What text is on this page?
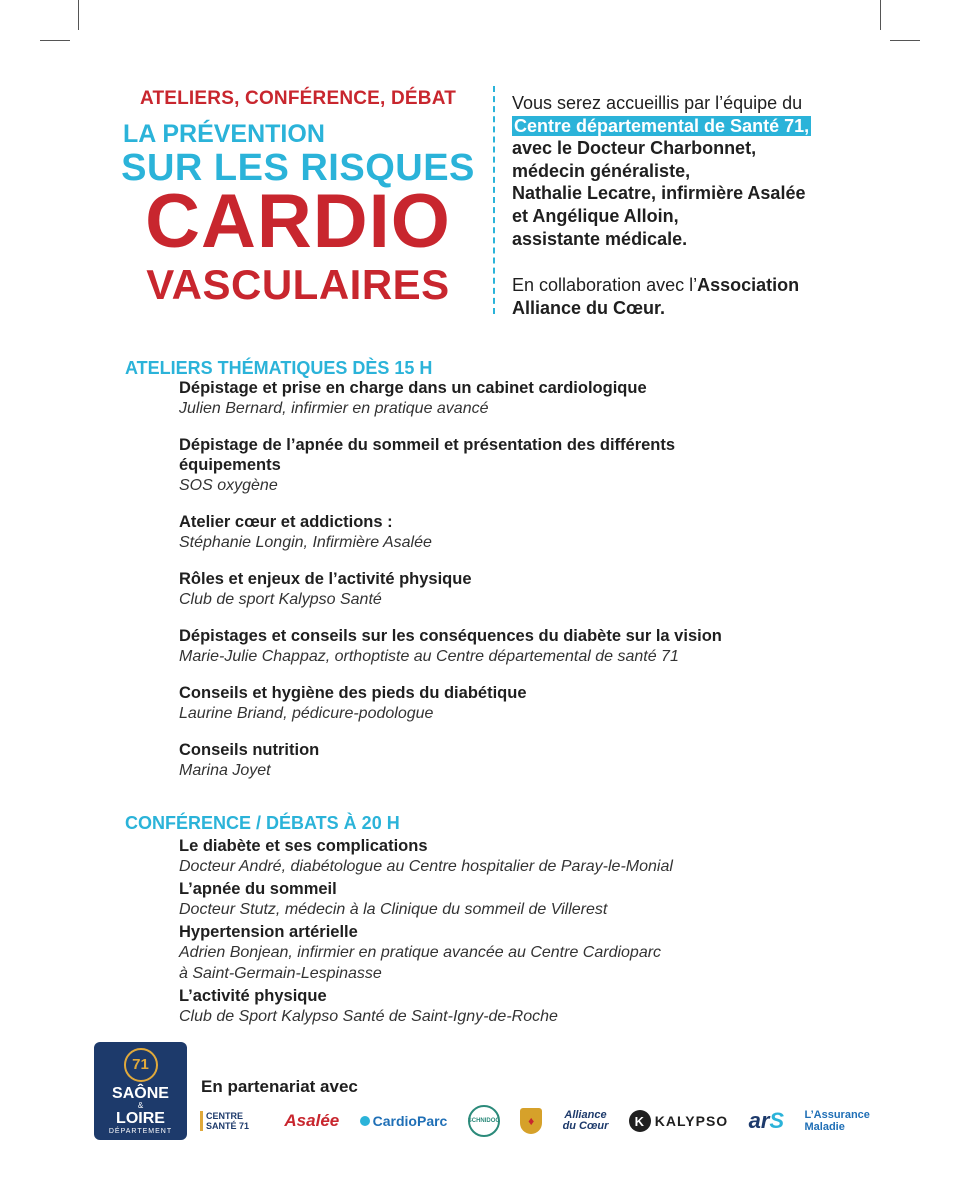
ATELIERS, CONFÉRENCE, DÉBAT

LA PRÉVENTION

SUR LES RISQUES

CARDIO

VASCULAIRES

Vous serez accueillis par l’équipe du
Centre départemental de Santé 71,
avec le Docteur Charbonnet,
médecin généraliste,
Nathalie Lecatre, infirmière Asalée
et Angélique Alloin,
assistante médicale.
En collaboration avec l’Association
Alliance du Cœur.

ATELIERS THÉMATIQUES DÈS 15 H

Dépistage et prise en charge dans un cabinet cardiologique
Julien Bernard, infirmier en pratique avancé
Dépistage de l’apnée du sommeil et présentation des différents
équipements
SOS oxygène
Atelier cœur et addictions :
Stéphanie Longin, Infirmière Asalée
Rôles et enjeux de l’activité physique
Club de sport Kalypso Santé
Dépistages et conseils sur les conséquences du diabète sur la vision
Marie-Julie Chappaz, orthoptiste au Centre départemental de santé 71
Conseils et hygiène des pieds du diabétique
Laurine Briand, pédicure-podologue
Conseils nutrition
Marina Joyet

CONFÉRENCE / DÉBATS À 20 H

Le diabète et ses complications
Docteur André, diabétologue au Centre hospitalier de Paray-le-Monial
L’apnée du sommeil
Docteur Stutz, médecin à la Clinique du sommeil de Villerest
Hypertension artérielle
Adrien Bonjean, infirmier en pratique avancée au Centre Cardioparc
à Saint-Germain-Lespinasse
L’activité physique
Club de Sport Kalypso Santé de Saint-Igny-de-Roche
71
SAÔNE
&
LOIRE
DÉPARTEMENT

En partenariat avec

CENTRE
SANTÉ 71 Asalée CardioParc	SCHNIDOC	♦	Alliance
du Cœur	K KALYPSO ar S L’Assurance
Maladie
